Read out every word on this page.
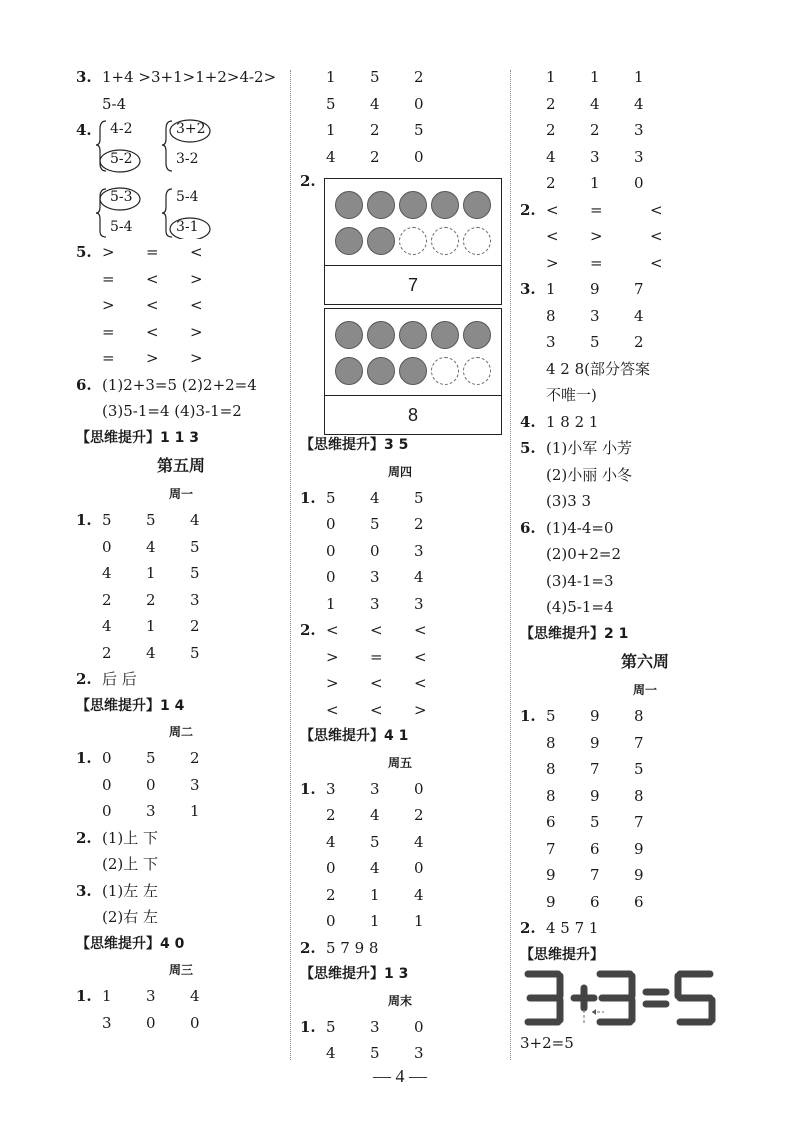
3. 1+4 >3+1>1+2>4-2>
5-4
4.	4-2
5-2
3+2
3-2
5-3
5-4
5-4
3-1
5. > = <
= < >
> < <
= < >
= > >
6. (1)2+3=5 (2)2+2=4
(3)5-1=4 (4)3-1=2
【思维提升】1 1 3
第五周
周一
1. 5 5 4
0 4 5
4 1 5
2 2 3
4 1 2
2 4 5
2. 后 后
【思维提升】1 4
周二
1. 0 5 2
0 0 3
0 3 1
2. (1)上 下
(2)上 下
3. (1)左 左
(2)右 左
【思维提升】4 0
周三
1. 1 3 4
3 0 0
1 5 2
5 4 0
1 2 5
4 2 0
2.
7
8
【思维提升】3 5
周四
1. 5 4 5
0 5 2
0 0 3
0 3 4
1 3 3
2. < < <
> = <
> < <
< < >
【思维提升】4 1
周五
1. 3 3 0
2 4 2
4 5 4
0 4 0
2 1 4
0 1 1
2. 5 7 9 8
【思维提升】1 3
周末
1. 5 3 0
4 5 3
1 1 1
2 4 4
2 2 3
4 3 3
2 1 0
2. < =	<
< >	<
> =	<
3. 1 9 7
8 3 4
3 5 2
4 2 8(部分答案
不唯一)
4. 1 8 2 1
5. (1)小军 小芳
(2)小丽 小冬
(3)3 3
6. (1)4-4=0
(2)0+2=2
(3)4-1=3
(4)5-1=4
【思维提升】2 1
第六周
周一
1. 5 9 8
8 9 7
8 7 5
8 9 8
6 5 7
7 6 9
9 7 9
9 6 6
2. 4 5 7 1
【思维提升】
3+2=5
— 4 —
